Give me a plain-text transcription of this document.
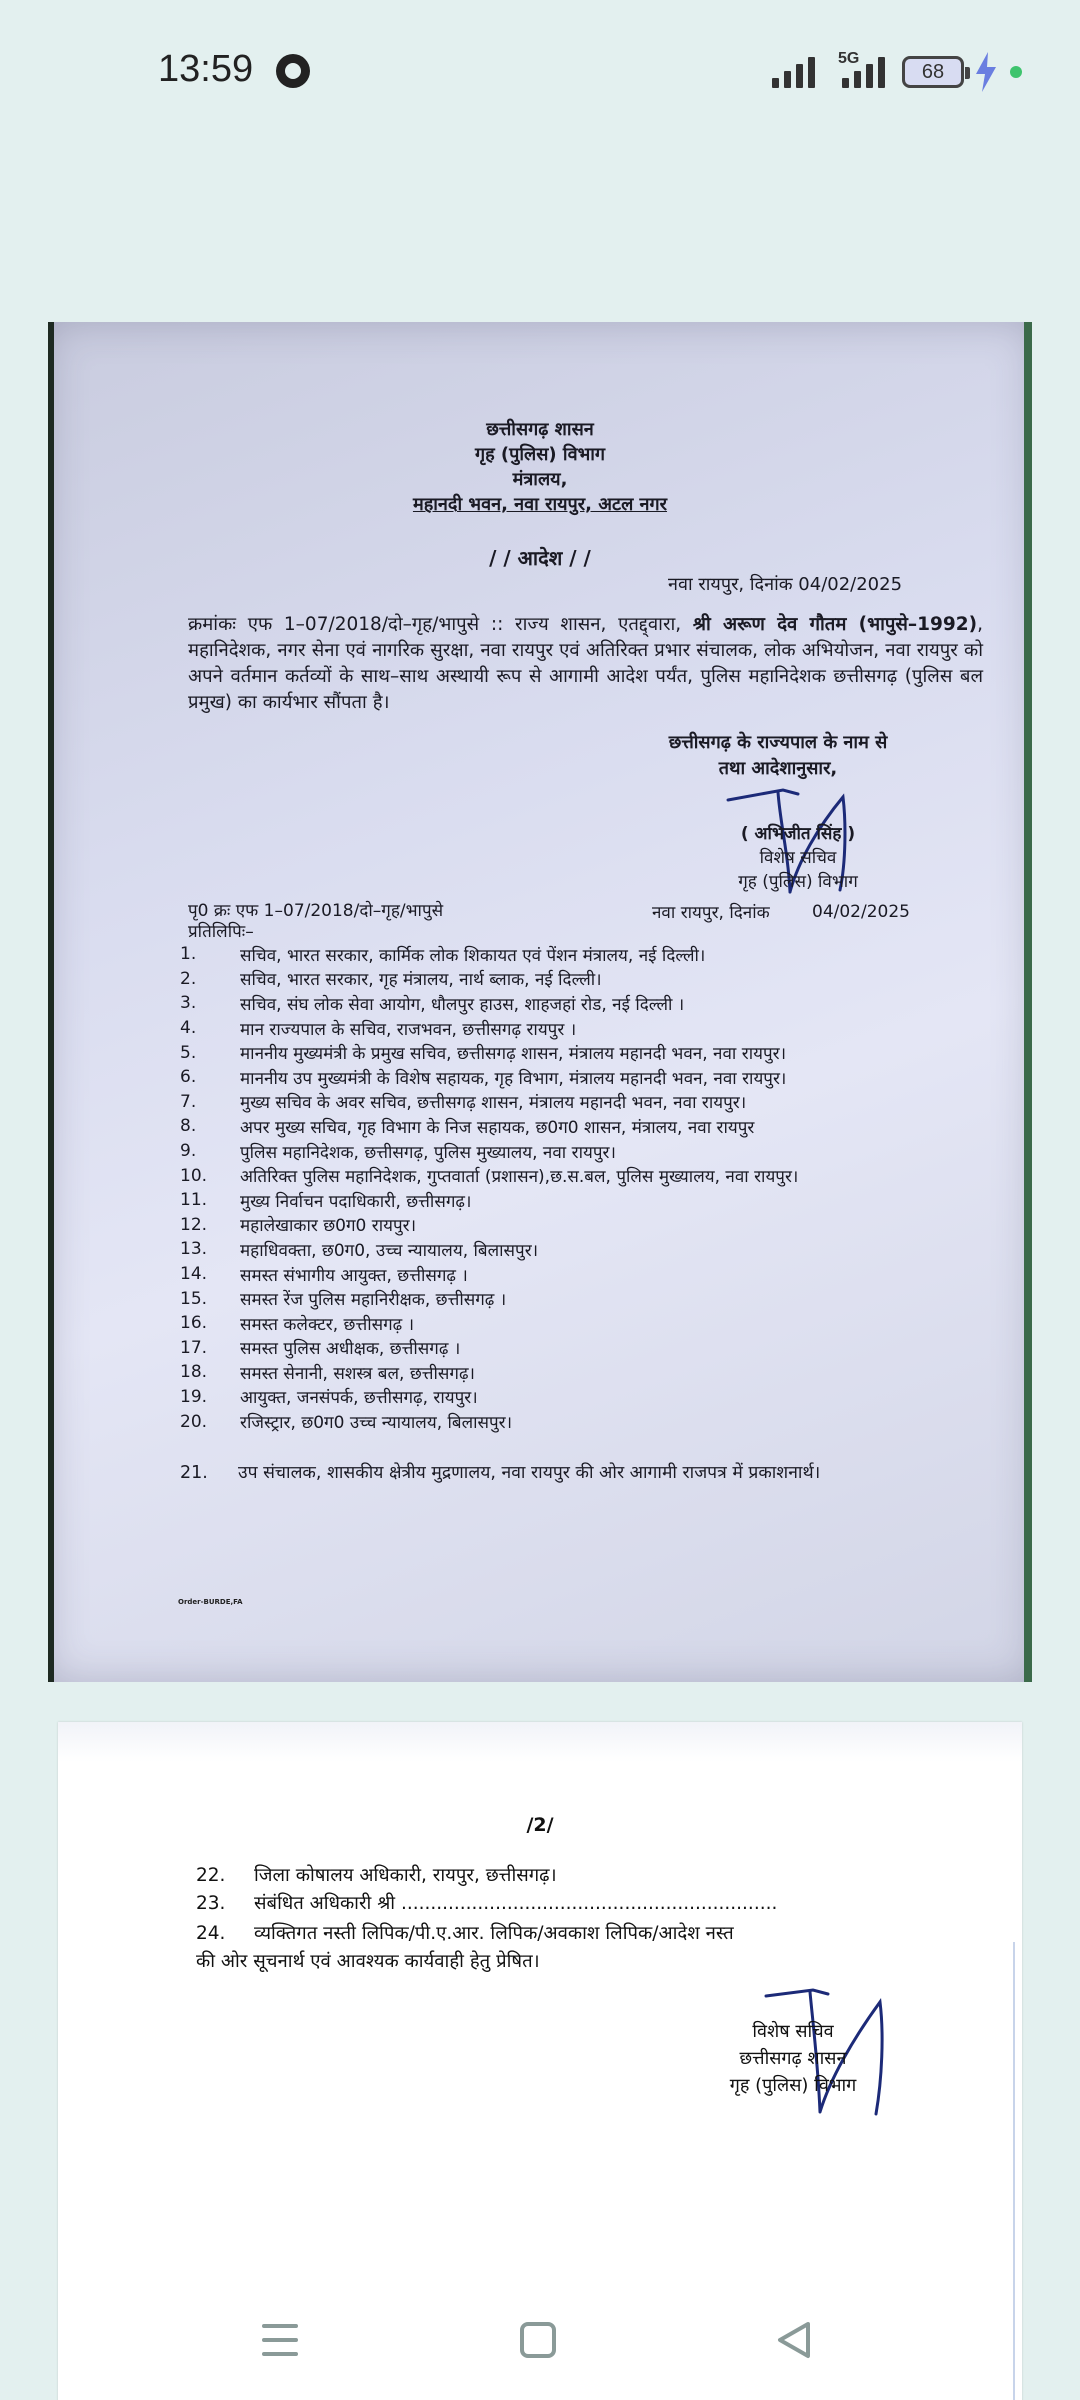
13:59	5G
68
छत्तीसगढ़ शासन
गृह (पुलिस) विभाग
मंत्रालय,
महानदी भवन, नवा रायपुर, अटल नगर
/ / आदेश / /
नवा रायपुर, दिनांक 04/02/2025
क्रमांकः एफ 1–07/2018/दो–गृह/भापुसे :: राज्य शासन, एतद्द्वारा, श्री अरूण देव गौतम (भापुसे–1992), महानिदेशक, नगर सेना एवं नागरिक सुरक्षा, नवा रायपुर एवं अतिरिक्त प्रभार संचालक, लोक अभियोजन, नवा रायपुर को अपने वर्तमान कर्तव्यों के साथ–साथ अस्थायी रूप से आगामी आदेश पर्यंत, पुलिस महानिदेशक छत्तीसगढ़ (पुलिस बल प्रमुख) का कार्यभार सौंपता है।
छत्तीसगढ़ के राज्यपाल के नाम से
तथा आदेशानुसार,
( अभिजीत सिंह )
विशेष सचिव
गृह (पुलिस) विभाग
पृ0 क्रः एफ 1–07/2018/दो–गृह/भापुसे	नवा रायपुर, दिनांक 04/02/2025
प्रतिलिपिः–
1.	सचिव, भारत सरकार, कार्मिक लोक शिकायत एवं पेंशन मंत्रालय, नई दिल्ली।
2.	सचिव, भारत सरकार, गृह मंत्रालय, नार्थ ब्लाक, नई दिल्ली।
3.	सचिव, संघ लोक सेवा आयोग, धौलपुर हाउस, शाहजहां रोड, नई दिल्ली ।
4.	मान राज्यपाल के सचिव, राजभवन, छत्तीसगढ़ रायपुर ।
5.	माननीय मुख्यमंत्री के प्रमुख सचिव, छत्तीसगढ़ शासन, मंत्रालय महानदी भवन, नवा रायपुर।
6.	माननीय उप मुख्यमंत्री के विशेष सहायक, गृह विभाग, मंत्रालय महानदी भवन, नवा रायपुर।
7.	मुख्य सचिव के अवर सचिव, छत्तीसगढ़ शासन, मंत्रालय महानदी भवन, नवा रायपुर।
8.	अपर मुख्य सचिव, गृह विभाग के निज सहायक, छ0ग0 शासन, मंत्रालय, नवा रायपुर
9.	पुलिस महानिदेशक, छत्तीसगढ़, पुलिस मुख्यालय, नवा रायपुर।
10.	अतिरिक्त पुलिस महानिदेशक, गुप्तवार्ता (प्रशासन),छ.स.बल, पुलिस मुख्यालय, नवा रायपुर।
11.	मुख्य निर्वाचन पदाधिकारी, छत्तीसगढ़।
12.	महालेखाकार छ0ग0 रायपुर।
13.	महाधिवक्ता, छ0ग0, उच्च न्यायालय, बिलासपुर।
14.	समस्त संभागीय आयुक्त, छत्तीसगढ़ ।
15.	समस्त रेंज पुलिस महानिरीक्षक, छत्तीसगढ़ ।
16.	समस्त कलेक्टर, छत्तीसगढ़ ।
17.	समस्त पुलिस अधीक्षक, छत्तीसगढ़ ।
18.	समस्त सेनानी, सशस्त्र बल, छत्तीसगढ़।
19.	आयुक्त, जनसंपर्क, छत्तीसगढ़, रायपुर।
20.	रजिस्ट्रार, छ0ग0 उच्च न्यायालय, बिलासपुर।
21. उप संचालक, शासकीय क्षेत्रीय मुद्रणालय, नवा रायपुर की ओर आगामी राजपत्र में प्रकाशनार्थ।
Order-BURDE,FA
/2/
22. जिला कोषालय अधिकारी, रायपुर, छत्तीसगढ़।
23. संबंधित अधिकारी श्री ................................................................
24. व्यक्तिगत नस्ती लिपिक/पी.ए.आर. लिपिक/अवकाश लिपिक/आदेश नस्त
की ओर सूचनार्थ एवं आवश्यक कार्यवाही हेतु प्रेषित।
विशेष सचिव
छत्तीसगढ़ शासन
गृह (पुलिस) विभाग
